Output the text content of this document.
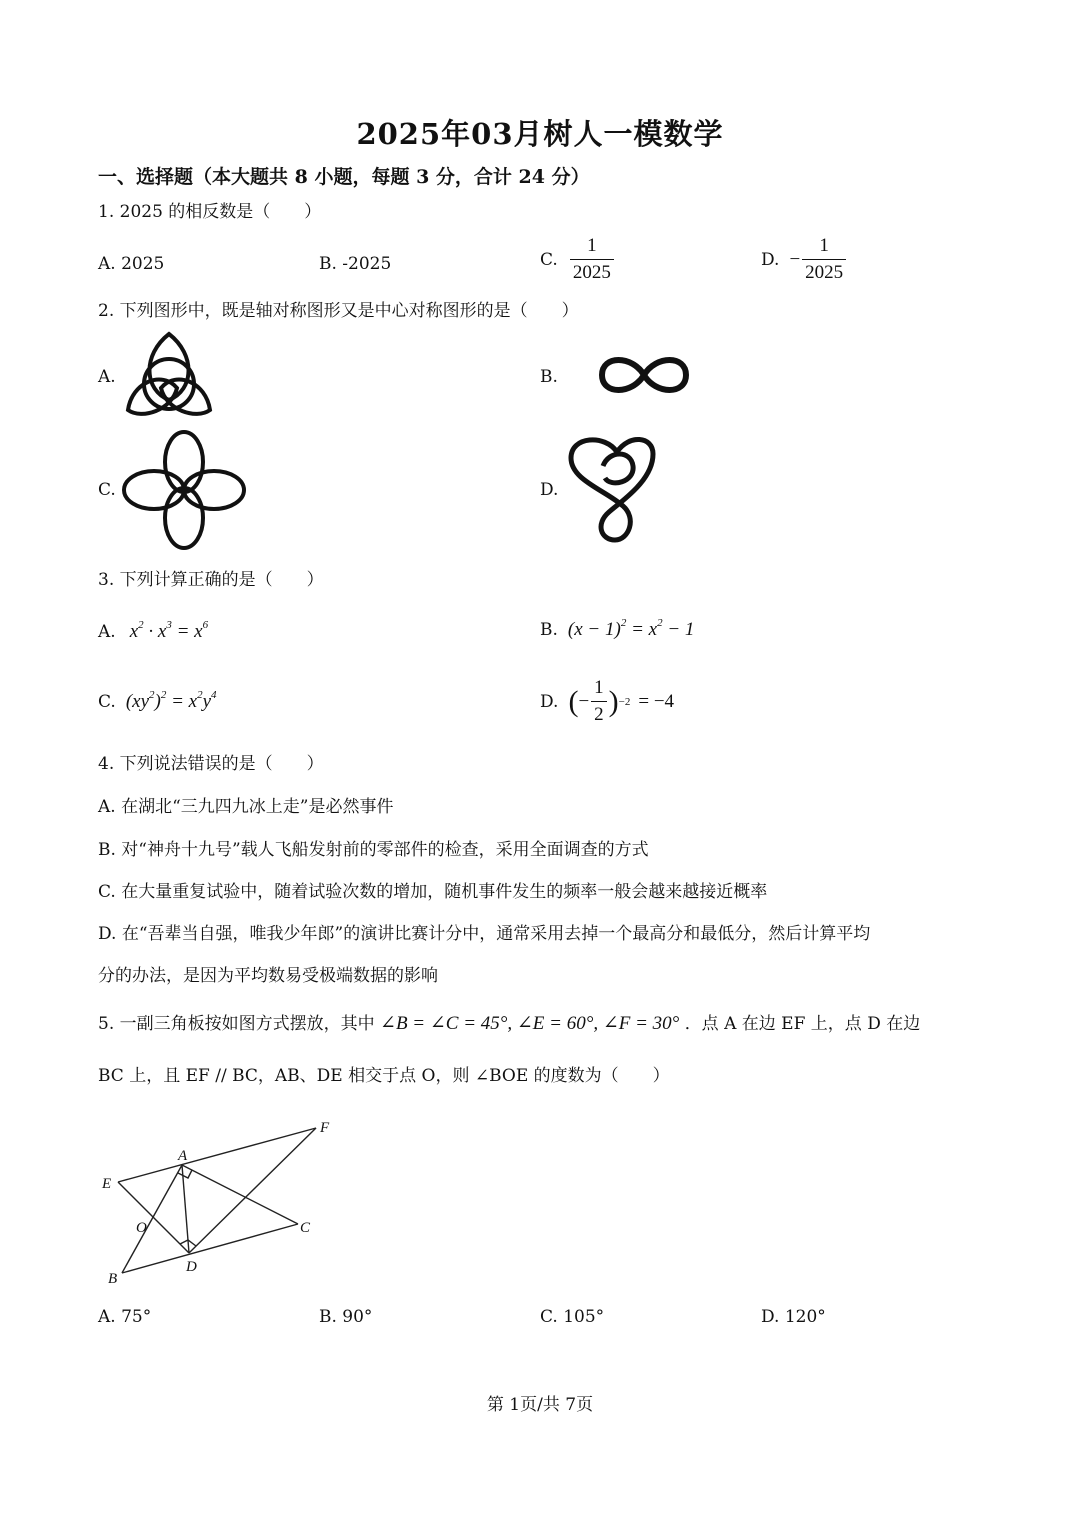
2025年03月树人一模数学
一、选择题（本大题共 8 小题，每题 3 分，合计 24 分）
1. 2025 的相反数是（　　）
A. 2025	B. -2025	C. $\frac{1}{2025}$	D. − $\frac{1}{2025}$
2. 下列图形中，既是轴对称图形又是中心对称图形的是（　　）
A.	B.
C.	D.
3. 下列计算正确的是（　　）
A. $x^2 \cdot x^3 = x^6$	B. $(x - 1)^2 = x^2 - 1$
C. $(xy^2)^2 = x^2y^4$	D. ( − $\frac{1}{2}$ ) −2 = −4
4. 下列说法错误的是（　　）
A. 在湖北“三九四九冰上走”是必然事件
B. 对“神舟十九号”载人飞船发射前的零部件的检查，采用全面调查的方式
C. 在大量重复试验中，随着试验次数的增加，随机事件发生的频率一般会越来越接近概率
D. 在“吾辈当自强，唯我少年郎”的演讲比赛计分中，通常采用去掉一个最高分和最低分，然后计算平均
分的办法，是因为平均数易受极端数据的影响
5. 一副三角板按如图方式摆放，其中 ∠B = ∠C = 45°, ∠E = 60°, ∠F = 30° ．点 A 在边 EF 上，点 D 在边
BC 上，且 EF // BC，AB、DE 相交于点 O，则 ∠BOE 的度数为（　　）
E
A
F
O	C
B
D
A. 75°	B. 90°	C. 105°	D. 120°
第 1页/共 7页
